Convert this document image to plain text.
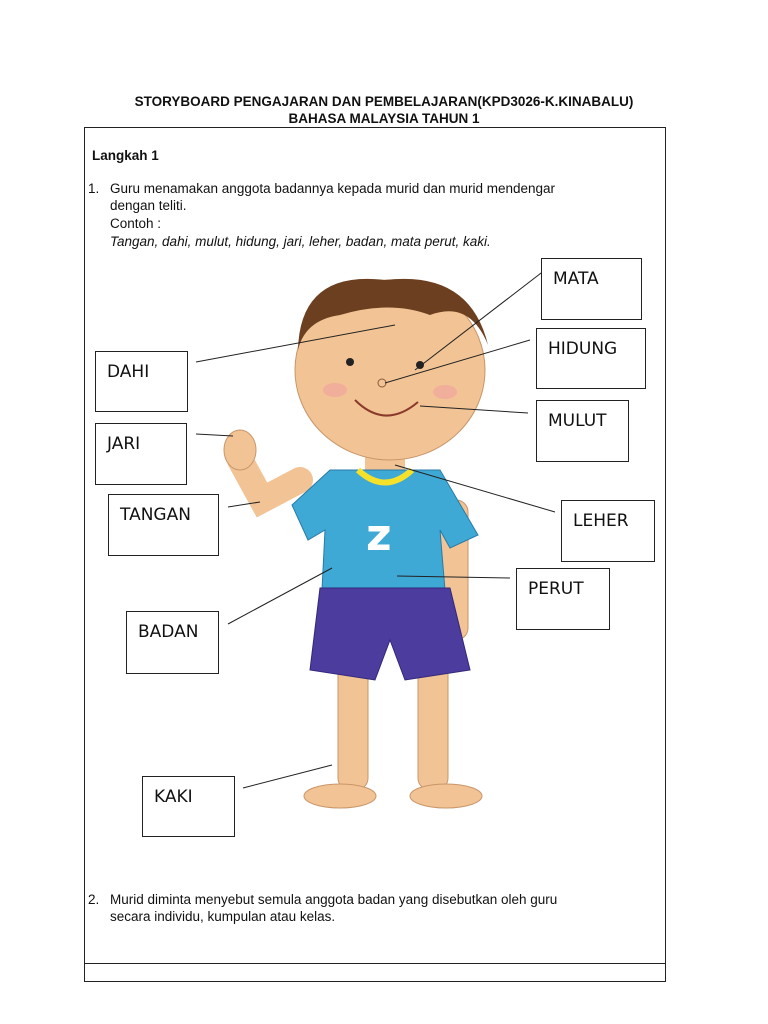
STORYBOARD PENGAJARAN DAN PEMBELAJARAN(KPD3026-K.KINABALU)
BAHASA MALAYSIA TAHUN 1
Langkah 1
1. Guru menamakan anggota badannya kepada murid dan murid mendengar
dengan teliti.
Contoh :
Tangan, dahi, mulut, hidung, jari, leher, badan, mata perut, kaki.
z
MATA
HIDUNG
MULUT
DAHI
JARI
TANGAN	LEHER
PERUT
BADAN
KAKI
2. Murid diminta menyebut semula anggota badan yang disebutkan oleh guru
secara individu, kumpulan atau kelas.
